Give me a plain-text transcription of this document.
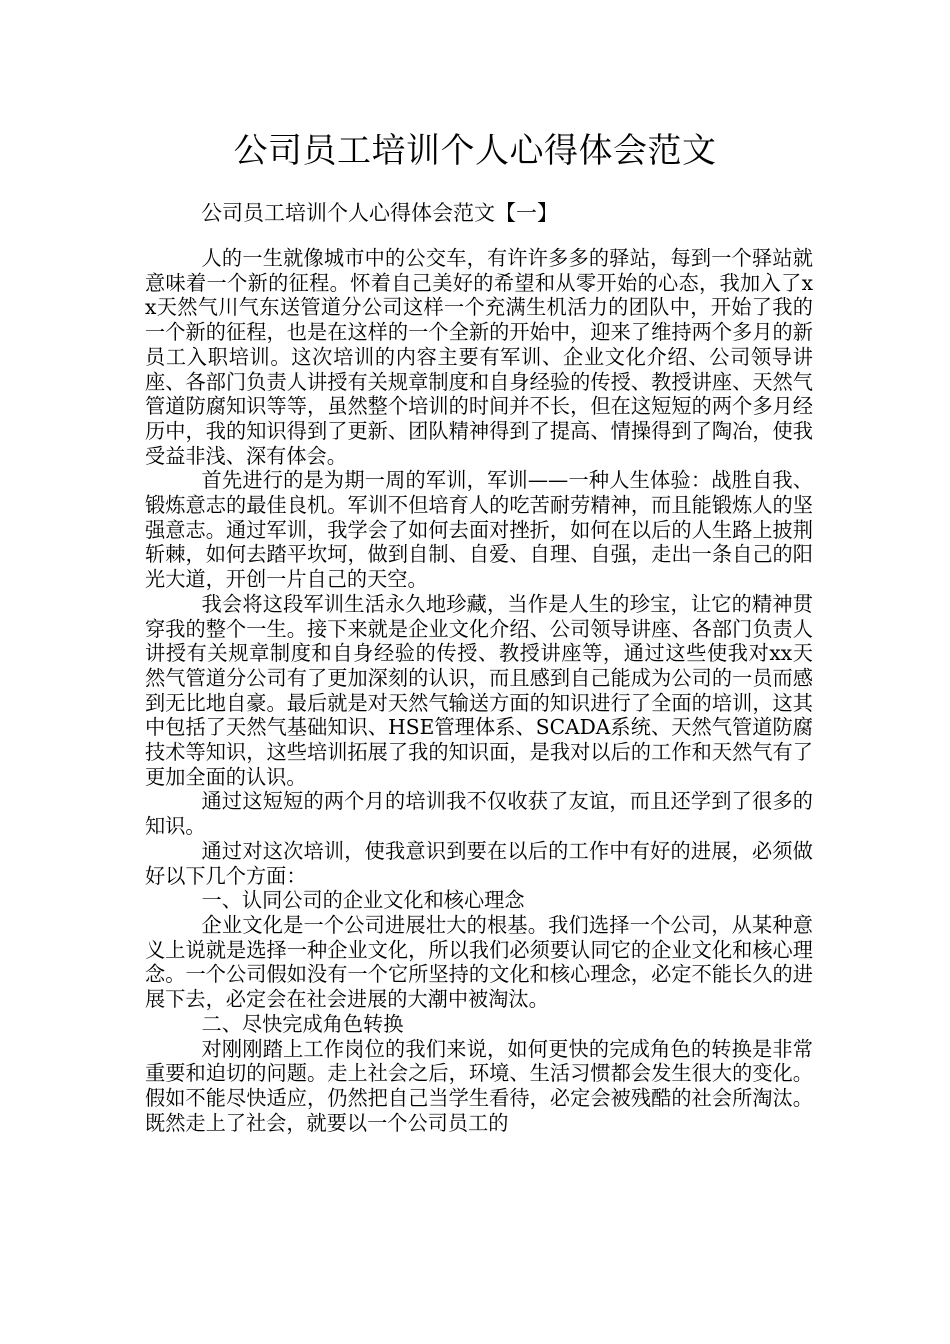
公司员工培训个人心得体会范文
公司员工培训个人心得体会范文【一】

人的一生就像城市中的公交车，有许许多多的驿站，每到一个驿站就意味着一个新的征程。怀着自己美好的希望和从零开始的心态，我加入了xx天然气川气东送管道分公司这样一个充满生机活力的团队中，开始了我的一个新的征程，也是在这样的一个全新的开始中，迎来了维持两个多月的新员工入职培训。这次培训的内容主要有军训、企业文化介绍、公司领导讲座、各部门负责人讲授有关规章制度和自身经验的传授、教授讲座、天然气管道防腐知识等等，虽然整个培训的时间并不长，但在这短短的两个多月经历中，我的知识得到了更新、团队精神得到了提高、情操得到了陶冶，使我受益非浅、深有体会。

首先进行的是为期一周的军训，军训——一种人生体验：战胜自我、锻炼意志的最佳良机。军训不但培育人的吃苦耐劳精神，而且能锻炼人的坚强意志。通过军训，我学会了如何去面对挫折，如何在以后的人生路上披荆斩棘，如何去踏平坎坷，做到自制、自爱、自理、自强，走出一条自己的阳光大道，开创一片自己的天空。

我会将这段军训生活永久地珍藏，当作是人生的珍宝，让它的精神贯穿我的整个一生。接下来就是企业文化介绍、公司领导讲座、各部门负责人讲授有关规章制度和自身经验的传授、教授讲座等，通过这些使我对xx天然气管道分公司有了更加深刻的认识，而且感到自己能成为公司的一员而感到无比地自豪。最后就是对天然气输送方面的知识进行了全面的培训，这其中包括了天然气基础知识、HSE管理体系、SCADA系统、天然气管道防腐技术等知识，这些培训拓展了我的知识面，是我对以后的工作和天然气有了更加全面的认识。

通过这短短的两个月的培训我不仅收获了友谊，而且还学到了很多的知识。

通过对这次培训，使我意识到要在以后的工作中有好的进展，必须做好以下几个方面：

一、认同公司的企业文化和核心理念

企业文化是一个公司进展壮大的根基。我们选择一个公司，从某种意义上说就是选择一种企业文化，所以我们必须要认同它的企业文化和核心理念。一个公司假如没有一个它所坚持的文化和核心理念，必定不能长久的进展下去，必定会在社会进展的大潮中被淘汰。

二、尽快完成角色转换

对刚刚踏上工作岗位的我们来说，如何更快的完成角色的转换是非常重要和迫切的问题。走上社会之后，环境、生活习惯都会发生很大的变化。假如不能尽快适应，仍然把自己当学生看待，必定会被残酷的社会所淘汰。既然走上了社会，就要以一个公司员工的
